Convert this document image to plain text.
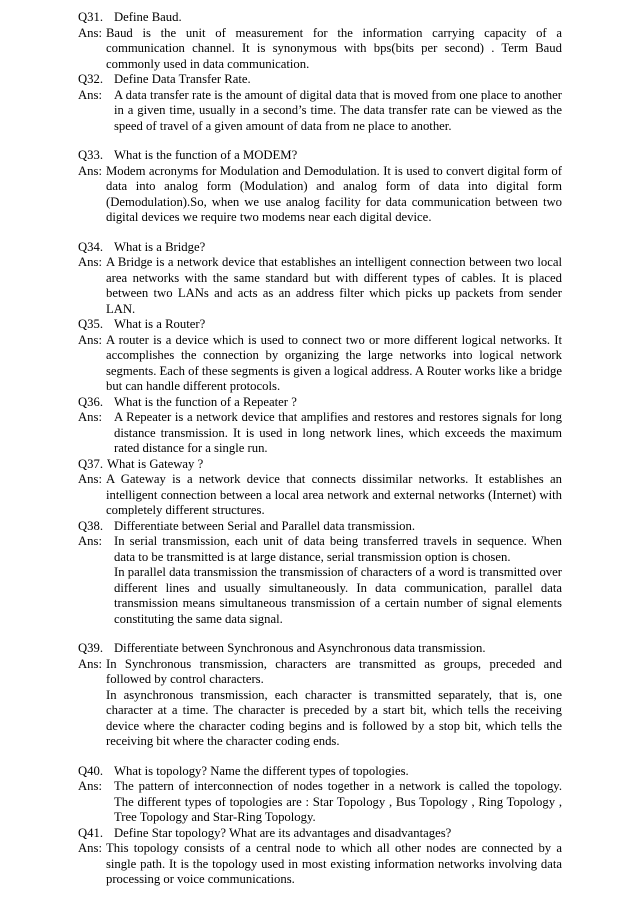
Q31. Define Baud.
Ans: Baud is the unit of measurement for the information carrying capacity of a communication channel. It is synonymous with bps(bits per second) . Term Baud commonly used in data communication.
Q32. Define Data Transfer Rate.
Ans: A data transfer rate is the amount of digital data that is moved from one place to another in a given time, usually in a second’s time. The data transfer rate can be viewed as the speed of travel of a given amount of data from ne place to another.
Q33. What is the function of a MODEM?
Ans: Modem acronyms for Modulation and Demodulation. It is used to convert digital form of data into analog form (Modulation) and analog form of data into digital form (Demodulation).So, when we use analog facility for data communication between two digital devices we require two modems near each digital device.
Q34. What is a Bridge?
Ans: A Bridge is a network device that establishes an intelligent connection between two local area networks with the same standard but with different types of cables. It is placed between two LANs and acts as an address filter which picks up packets from sender LAN.
Q35. What is a Router?
Ans: A router is a device which is used to connect two or more different logical networks. It accomplishes the connection by organizing the large networks into logical network segments. Each of these segments is given a logical address. A Router works like a bridge but can handle different protocols.
Q36. What is the function of a Repeater ?
Ans: A Repeater is a network device that amplifies and restores and restores signals for long distance transmission. It is used in long network lines, which exceeds the maximum rated distance for a single run.
Q37. What is Gateway ?
Ans: A Gateway is a network device that connects dissimilar networks. It establishes an intelligent connection between a local area network and external networks (Internet) with completely different structures.
Q38. Differentiate between Serial and Parallel data transmission.
Ans: In serial transmission, each unit of data being transferred travels in sequence. When data to be transmitted is at large distance, serial transmission option is chosen.
In parallel data transmission the transmission of characters of a word is transmitted over different lines and usually simultaneously. In data communication, parallel data transmission means simultaneous transmission of a certain number of signal elements constituting the same data signal.
Q39. Differentiate between Synchronous and Asynchronous data transmission.
Ans: In Synchronous transmission, characters are transmitted as groups, preceded and followed by control characters.
In asynchronous transmission, each character is transmitted separately, that is, one character at a time. The character is preceded by a start bit, which tells the receiving device where the character coding begins and is followed by a stop bit, which tells the receiving bit where the character coding ends.
Q40. What is topology? Name the different types of topologies.
Ans: The pattern of interconnection of nodes together in a network is called the topology. The different types of topologies are : Star Topology , Bus Topology , Ring Topology , Tree Topology and Star-Ring Topology.
Q41. Define Star topology? What are its advantages and disadvantages?
Ans: This topology consists of a central node to which all other nodes are connected by a single path. It is the topology used in most existing information networks involving data processing or voice communications.
